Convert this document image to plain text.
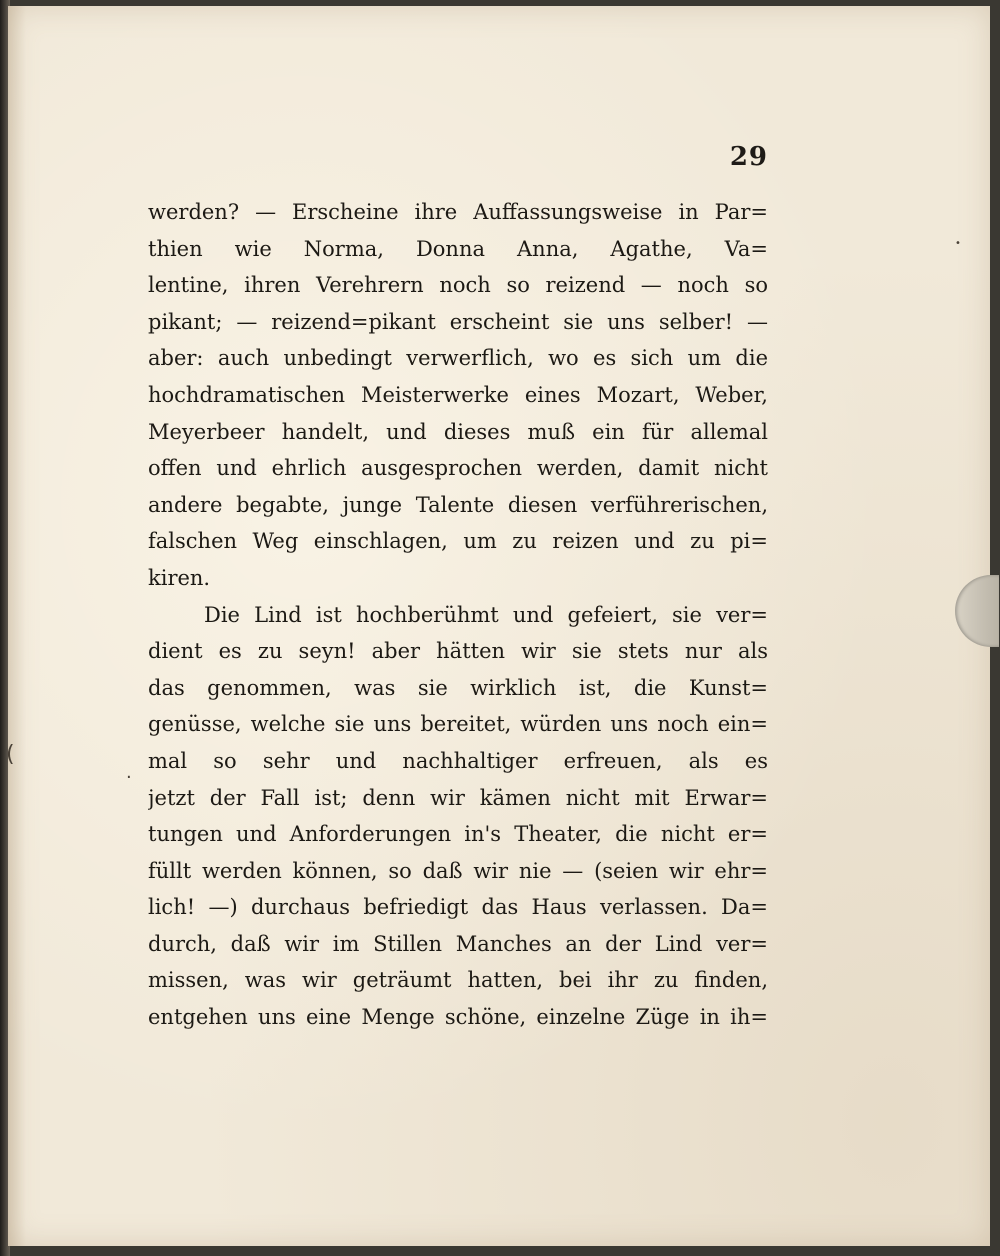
(
.
•
29
werden? — Erscheine ihre Auffassungsweise in Par=
thien wie Norma, Donna Anna, Agathe, Va=
lentine, ihren Verehrern noch so reizend — noch so
pikant; — reizend=pikant erscheint sie uns selber! —
aber: auch unbedingt verwerflich, wo es sich um die
hochdramatischen Meisterwerke eines Mozart, Weber,
Meyerbeer handelt, und dieses muß ein für allemal
offen und ehrlich ausgesprochen werden, damit nicht
andere begabte, junge Talente diesen verführerischen,
falschen Weg einschlagen, um zu reizen und zu pi=
kiren.
Die Lind ist hochberühmt und gefeiert, sie ver=
dient es zu seyn! aber hätten wir sie stets nur als
das genommen, was sie wirklich ist, die Kunst=
genüsse, welche sie uns bereitet, würden uns noch ein=
mal so sehr und nachhaltiger erfreuen, als es
jetzt der Fall ist; denn wir kämen nicht mit Erwar=
tungen und Anforderungen in's Theater, die nicht er=
füllt werden können, so daß wir nie — (seien wir ehr=
lich! —) durchaus befriedigt das Haus verlassen. Da=
durch, daß wir im Stillen Manches an der Lind ver=
missen, was wir geträumt hatten, bei ihr zu finden,
entgehen uns eine Menge schöne, einzelne Züge in ih=
